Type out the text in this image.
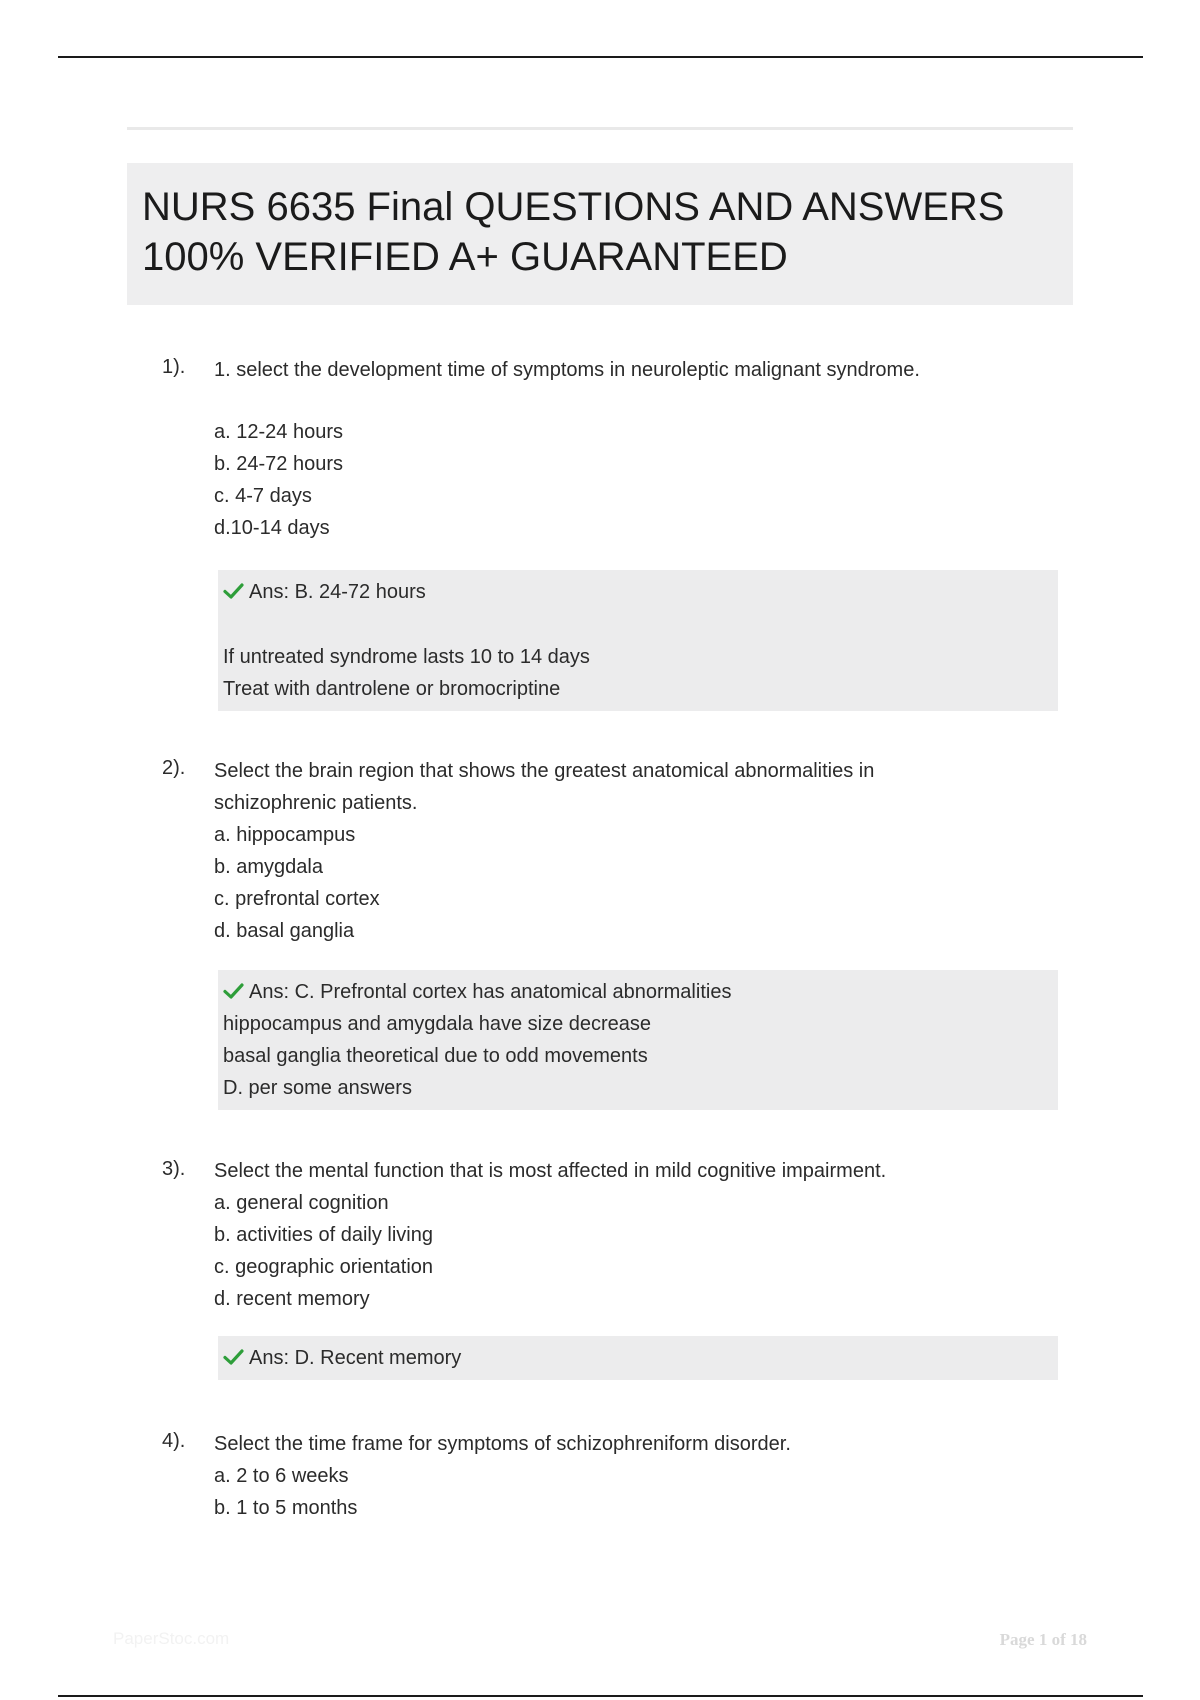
NURS 6635 Final QUESTIONS AND ANSWERS
100% VERIFIED A+ GUARANTEED
1). 1. select the development time of symptoms in neuroleptic malignant syndrome.
a. 12-24 hours
b. 24-72 hours
c. 4-7 days
d.10-14 days
Ans: B. 24-72 hours
If untreated syndrome lasts 10 to 14 days
Treat with dantrolene or bromocriptine
2). Select the brain region that shows the greatest anatomical abnormalities in
schizophrenic patients.
a. hippocampus
b. amygdala
c. prefrontal cortex
d. basal ganglia
Ans: C. Prefrontal cortex has anatomical abnormalities
hippocampus and amygdala have size decrease
basal ganglia theoretical due to odd movements
D. per some answers
3). Select the mental function that is most affected in mild cognitive impairment.
a. general cognition
b. activities of daily living
c. geographic orientation
d. recent memory
Ans: D. Recent memory
4). Select the time frame for symptoms of schizophreniform disorder.
a. 2 to 6 weeks
b. 1 to 5 months
PaperStoc.com	Page 1 of 18
